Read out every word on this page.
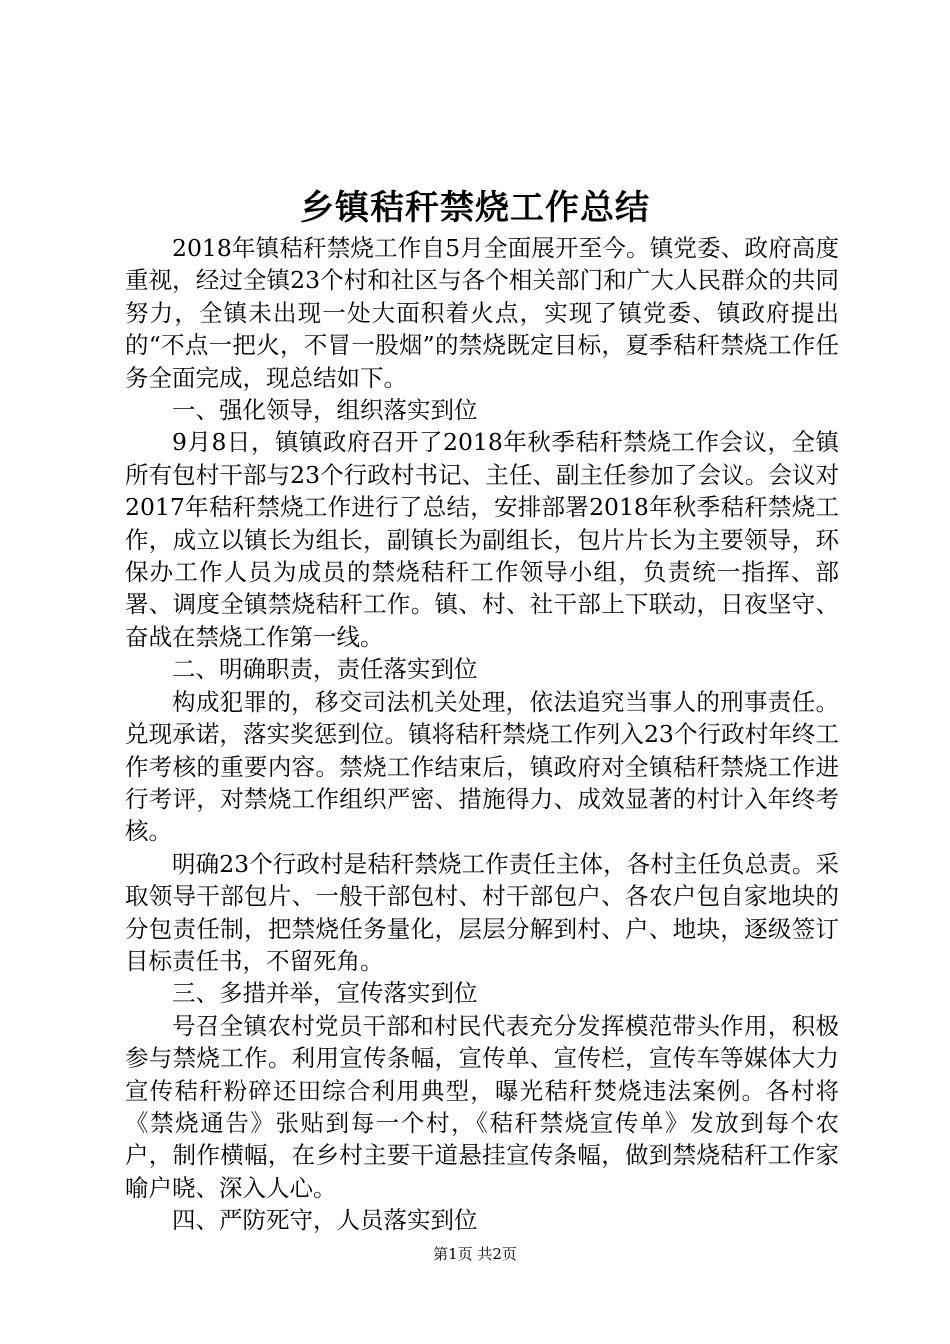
乡镇秸秆禁烧工作总结

2018年镇秸秆禁烧工作自5月全面展开至今。镇党委、政府高度重视，经过全镇23个村和社区与各个相关部门和广大人民群众的共同努力，全镇未出现一处大面积着火点，实现了镇党委、镇政府提出的“不点一把火，不冒一股烟”的禁烧既定目标，夏季秸秆禁烧工作任务全面完成，现总结如下。

一、强化领导，组织落实到位

9月8日，镇镇政府召开了2018年秋季秸秆禁烧工作会议，全镇所有包村干部与23个行政村书记、主任、副主任参加了会议。会议对2017年秸秆禁烧工作进行了总结，安排部署2018年秋季秸秆禁烧工作，成立以镇长为组长，副镇长为副组长，包片片长为主要领导，环保办工作人员为成员的禁烧秸秆工作领导小组，负责统一指挥、部署、调度全镇禁烧秸秆工作。镇、村、社干部上下联动，日夜坚守、奋战在禁烧工作第一线。

二、明确职责，责任落实到位

构成犯罪的，移交司法机关处理，依法追究当事人的刑事责任。兑现承诺，落实奖惩到位。镇将秸秆禁烧工作列入23个行政村年终工作考核的重要内容。禁烧工作结束后，镇政府对全镇秸秆禁烧工作进行考评，对禁烧工作组织严密、措施得力、成效显著的村计入年终考核。

明确23个行政村是秸秆禁烧工作责任主体，各村主任负总责。采取领导干部包片、一般干部包村、村干部包户、各农户包自家地块的分包责任制，把禁烧任务量化，层层分解到村、户、地块，逐级签订目标责任书，不留死角。

三、多措并举，宣传落实到位

号召全镇农村党员干部和村民代表充分发挥模范带头作用，积极参与禁烧工作。利用宣传条幅，宣传单、宣传栏，宣传车等媒体大力宣传秸秆粉碎还田综合利用典型，曝光秸秆焚烧违法案例。各村将《禁烧通告》张贴到每一个村，《秸秆禁烧宣传单》发放到每个农户，制作横幅，在乡村主要干道悬挂宣传条幅，做到禁烧秸秆工作家喻户晓、深入人心。

四、严防死守，人员落实到位

第1页 共2页
